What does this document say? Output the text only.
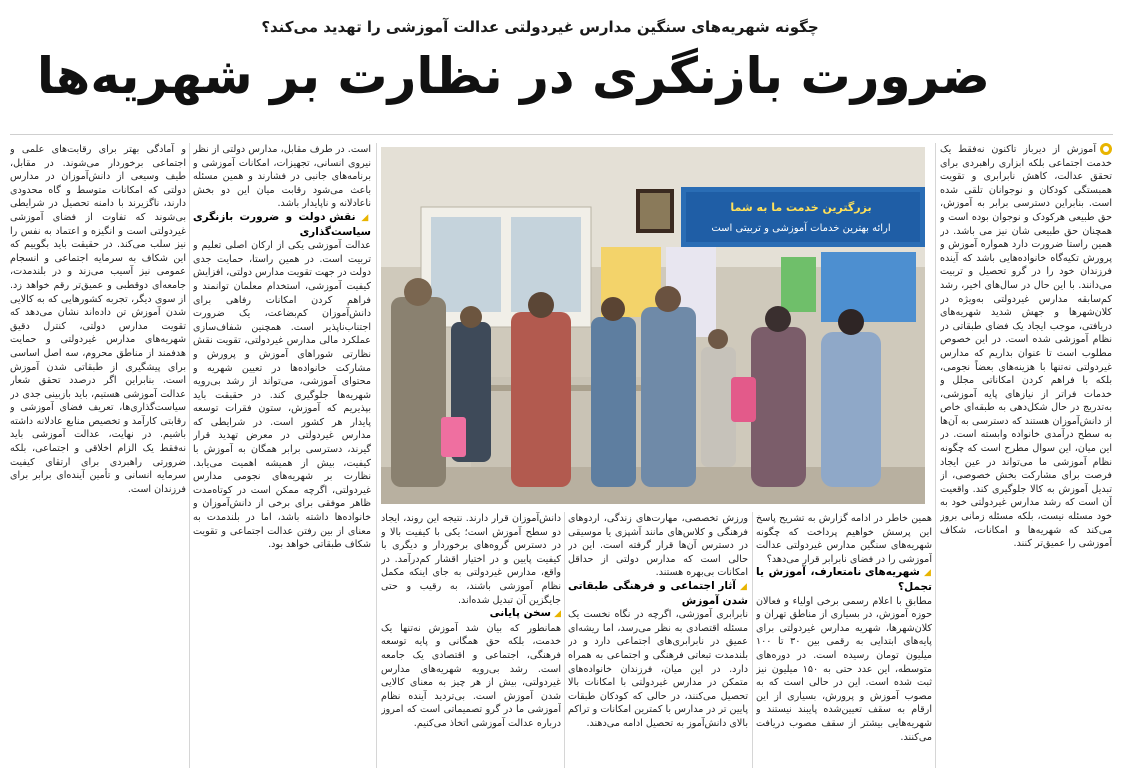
چگونه شهریه‌های سنگین مدارس غیردولتی عدالت آموزشی را تهدید می‌کند؟
ضرورت بازنگری در نظارت بر شهریه‌ها

آموزش از دیرباز تاکنون نه‌فقط یک خدمت اجتماعی بلکه ابزاری راهبردی برای تحقق عدالت، کاهش نابرابری و تقویت همبستگی کودکان و نوجوانان تلقی شده است. بنابراین دسترسی برابر به آموزش، حق طبیعی هرکودک و نوجوان بوده است و همچنان حق طبیعی شان نیز می باشد. در همین راستا ضرورت دارد همواره آموزش و پرورش تکیه‌گاه خانواده‌هایی باشد که آینده فرزندان خود را در گرو تحصیل و تربیت می‌دانند. با این حال در سال‌های اخیر، رشد کم‌سابقه مدارس غیردولتی به‌ویژه در کلان‌شهرها و جهش شدید شهریه‌های دریافتی، موجب ایجاد یک فضای طبقاتی در نظام آموزشی شده است. در این خصوص مطلوب است تا عنوان بداریم که مدارس غیردولتی نه‌تنها با هزینه‌های بعضاً نجومی، بلکه با فراهم کردن امکاناتی مجلل و خدمات فراتر از نیازهای پایه آموزشی، به‌تدریج در حال شکل‌دهی به طبقه‌ای خاص از دانش‌آموزان هستند که دسترسی به آن‌ها به سطح درآمدی خانواده وابسته است. در این میان، این سوال مطرح است که چگونه نظام آموزشی ما می‌تواند در عین ایجاد فرصت برای مشارکت بخش خصوصی، از تبدیل آموزش به کالا جلوگیری کند. واقعیت آن است که رشد مدارس غیردولتی خود به خود مسئله نیست، بلکه مسئله زمانی بروز می‌کند که شهریه‌ها و امکانات، شکاف آموزشی را عمیق‌تر کنند.

است. در طرف مقابل، مدارس دولتی از نظر نیروی انسانی، تجهیزات، امکانات آموزشی و برنامه‌های جانبی در فشارند و همین مسئله باعث می‌شود رقابت میان این دو بخش ناعادلانه و ناپایدار باشد.

◢ نقش دولت و ضرورت بازنگری سیاست‌گذاری

عدالت آموزشی یکی از ارکان اصلی تعلیم و تربیت است. در همین راستا، حمایت جدی دولت در جهت تقویت مدارس دولتی، افزایش کیفیت آموزشی، استخدام معلمان توانمند و فراهم کردن امکانات رفاهی برای دانش‌آموزان کم‌بضاعت، یک ضرورت اجتناب‌ناپذیر است. همچنین شفاف‌سازی عملکرد مالی مدارس غیردولتی، تقویت نقش نظارتی شوراهای آموزش و پرورش و مشارکت خانواده‌ها در تعیین شهریه و محتوای آموزشی، می‌تواند از رشد بی‌رویه شهریه‌ها جلوگیری کند. در حقیقت باید بپذیریم که آموزش، ستون فقرات توسعه پایدار هر کشور است. در شرایطی که مدارس غیردولتی در معرض تهدید قرار گیرند، دسترسی برابر همگان به آموزش با کیفیت، بیش از همیشه اهمیت می‌یابد. نظارت بر شهریه‌های نجومی مدارس غیردولتی، اگرچه ممکن است در کوتاه‌مدت ظاهر موفقی برای برخی از دانش‌آموزان و خانواده‌ها داشته باشد، اما در بلندمدت به معنای از بین رفتن عدالت اجتماعی و تقویت شکاف طبقاتی خواهد بود.

و آمادگی بهتر برای رقابت‌های علمی و اجتماعی برخوردار می‌شوند. در مقابل، طیف وسیعی از دانش‌آموزان در مدارس دولتی که امکانات متوسط و گاه محدودی دارند، ناگزیرند با دامنه تحصیل در شرایطی بی‌شوند که تفاوت از فضای آموزشی غیردولتی است و انگیزه و اعتماد به نفس را نیز سلب می‌کند. در حقیقت باید بگوییم که این شکاف به سرمایه اجتماعی و انسجام عمومی نیز آسیب می‌زند و در بلندمدت، جامعه‌ای دوقطبی و عمیق‌تر رقم خواهد زد. از سوی دیگر، تجربه کشورهایی که به کالایی شدن آموزش تن داده‌اند نشان می‌دهد که تقویت مدارس دولتی، کنترل دقیق شهریه‌های مدارس غیردولتی و حمایت هدفمند از مناطق محروم، سه اصل اساسی برای پیشگیری از طبقاتی شدن آموزش است. بنابراین اگر درصدد تحقق شعار عدالت آموزشی هستیم، باید بازبینی جدی در سیاست‌گذاری‌ها، تعریف فضای آموزشی و رقابتی کارآمد و تخصیص منابع عادلانه داشته باشیم. در نهایت، عدالت آموزشی باید نه‌فقط یک الزام اخلاقی و اجتماعی، بلکه ضرورتی راهبردی برای ارتقای کیفیت سرمایه انسانی و تأمین آینده‌ای برابر برای فرزندان است.

همین خاطر در ادامه گزارش به تشریح پاسخ این پرسش خواهیم پرداخت که چگونه شهریه‌های سنگین مدارس غیردولتی عدالت آموزشی را در فضای نابرابر قرار می‌دهد؟

◢ شهریه‌های نامتعارف، آموزش یا تجمل؟

مطابق با اعلام رسمی برخی اولیاء و فعالان حوزه آموزش، در بسیاری از مناطق تهران و کلان‌شهرها، شهریه مدارس غیردولتی برای پایه‌های ابتدایی به رقمی بین ۳۰ تا ۱۰۰ میلیون تومان رسیده است. در دوره‌های متوسطه، این عدد حتی به ۱۵۰ میلیون نیز ثبت شده است. این در حالی است که به مصوب آموزش و پرورش، بسیاری از این ارقام به سقف تعیین‌شده پایبند نیستند و شهریه‌هایی بیشتر از سقف مصوب دریافت می‌کنند.

ورزش تخصصی، مهارت‌های زندگی، اردوهای فرهنگی و کلاس‌های مانند آشپزی یا موسیقی در دسترس آن‌ها قرار گرفته است. این در حالی است که مدارس دولتی از حداقل امکانات بی‌بهره هستند.

◢ آثار اجتماعی و فرهنگی طبقاتی شدن آموزش

نابرابری آموزشی، اگرچه در نگاه نخست یک مسئله اقتصادی به نظر می‌رسد، اما ریشه‌ای عمیق در نابرابری‌های اجتماعی دارد و در بلندمدت تبعاتی فرهنگی و اجتماعی به همراه دارد. در این میان، فرزندان خانواده‌های متمکن در مدارس غیردولتی با امکانات بالا تحصیل می‌کنند، در حالی که کودکان طبقات پایین تر در مدارس با کمترین امکانات و تراکم بالای دانش‌آموز به تحصیل ادامه می‌دهند.

دانش‌آموزان قرار دارند. نتیجه این روند، ایجاد دو سطح آموزش است؛ یکی با کیفیت بالا و در دسترس گروه‌های برخوردار و دیگری با کیفیت پایین و در اختیار اقشار کم‌درآمد. در واقع، مدارس غیردولتی به جای اینکه مکمل نظام آموزشی باشند، به رقیب و حتی جایگزین آن تبدیل شده‌اند.

◢ سخن پایانی

همانطور که بیان شد آموزش نه‌تنها یک خدمت، بلکه حق همگانی و پایه توسعه فرهنگی، اجتماعی و اقتصادی یک جامعه است. رشد بی‌رویه شهریه‌های مدارس غیردولتی، بیش از هر چیز به معنای کالایی شدن آموزش است. بی‌تردید آینده نظام آموزشی ما در گرو تصمیماتی است که امروز درباره عدالت آموزشی اتخاذ می‌کنیم.

بزرگترین خدمت ما به شما
ارائه بهترین خدمات آموزشی و تربیتی است
